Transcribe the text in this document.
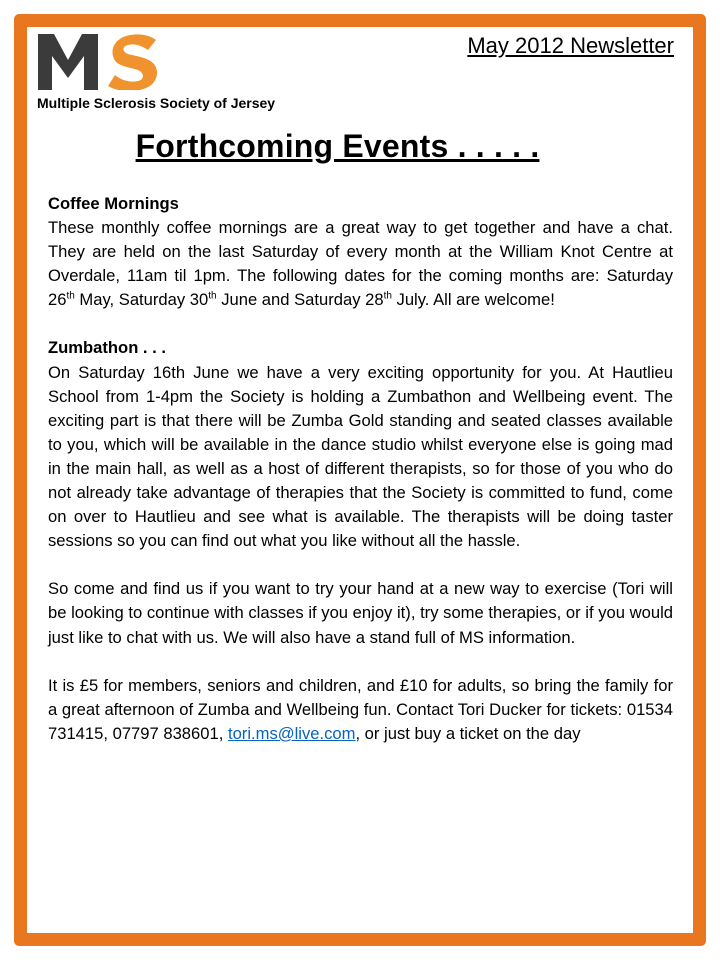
Multiple Sclerosis Society of Jersey
May 2012 Newsletter
Forthcoming Events . . . . .
Coffee Mornings

These monthly coffee mornings are a great way to get together and have a chat. They are held on the last Saturday of every month at the William Knot Centre at Overdale, 11am til 1pm. The following dates for the coming months are: Saturday 26th May, Saturday 30th June and Saturday 28th July. All are welcome!

Zumbathon . . .

On Saturday 16th June we have a very exciting opportunity for you. At Hautlieu School from 1-4pm the Society is holding a Zumbathon and Wellbeing event. The exciting part is that there will be Zumba Gold standing and seated classes available to you, which will be available in the dance studio whilst everyone else is going mad in the main hall, as well as a host of different therapists, so for those of you who do not already take advantage of therapies that the Society is committed to fund, come on over to Hautlieu and see what is available. The therapists will be doing taster sessions so you can find out what you like without all the hassle.

So come and find us if you want to try your hand at a new way to exercise (Tori will be looking to continue with classes if you enjoy it), try some therapies, or if you would just like to chat with us. We will also have a stand full of MS information.

It is £5 for members, seniors and children, and £10 for adults, so bring the family for a great afternoon of Zumba and Wellbeing fun. Contact Tori Ducker for tickets: 01534 731415, 07797 838601, tori.ms@live.com, or just buy a ticket on the day
